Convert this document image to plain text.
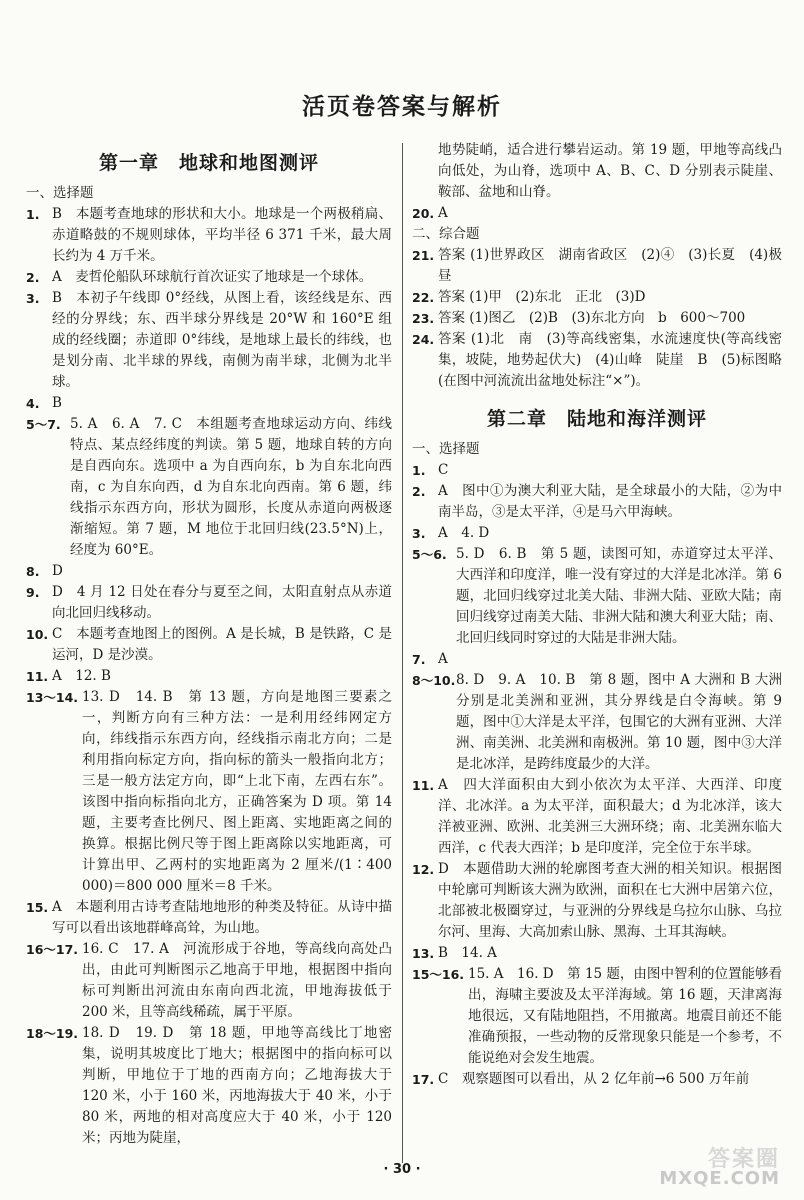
活页卷答案与解析
第一章　地球和地图测评
一、选择题
1. B　本题考查地球的形状和大小。地球是一个两极稍扁、赤道略鼓的不规则球体，平均半径 6 371 千米，最大周长约为 4 万千米。
2. A　麦哲伦船队环球航行首次证实了地球是一个球体。
3. B　本初子午线即 0°经线，从图上看，该经线是东、西经的分界线；东、西半球分界线是 20°W 和 160°E 组成的经线圈；赤道即 0°纬线，是地球上最长的纬线，也是划分南、北半球的界线，南侧为南半球，北侧为北半球。
4. B
5～7. 5. A　6. A　7. C　本组题考查地球运动方向、纬线特点、某点经纬度的判读。第 5 题，地球自转的方向是自西向东。选项中 a 为自西向东，b 为自东北向西南，c 为自东向西，d 为自东北向西南。第 6 题，纬线指示东西方向，形状为圆形，长度从赤道向两极逐渐缩短。第 7 题，M 地位于北回归线(23.5°N)上，经度为 60°E。
8. D
9. D　4 月 12 日处在春分与夏至之间，太阳直射点从赤道向北回归线移动。
10. C　本题考查地图上的图例。A 是长城，B 是铁路，C 是运河，D 是沙漠。
11. A　12. B
13～14. 13. D　14. B　第 13 题，方向是地图三要素之一，判断方向有三种方法：一是利用经纬网定方向，纬线指示东西方向，经线指示南北方向；二是利用指向标定方向，指向标的箭头一般指向北方；三是一般方法定方向，即“上北下南，左西右东”。该图中指向标指向北方，正确答案为 D 项。第 14 题，主要考查比例尺、图上距离、实地距离之间的换算。根据比例尺等于图上距离除以实地距离，可计算出甲、乙两村的实地距离为 2 厘米/(1∶400 000)＝800 000 厘米＝8 千米。
15. A　本题利用古诗考查陆地地形的种类及特征。从诗中描写可以看出该地群峰高耸，为山地。
16～17. 16. C　17. A　河流形成于谷地，等高线向高处凸出，由此可判断图示乙地高于甲地，根据图中指向标可判断出河流由东南向西北流，甲地海拔低于 200 米，且等高线稀疏，属于平原。
18～19. 18. D　19. D　第 18 题，甲地等高线比丁地密集，说明其坡度比丁地大；根据图中的指向标可以判断，甲地位于丁地的西南方向；乙地海拔大于 120 米，小于 160 米，丙地海拔大于 40 米，小于 80 米，两地的相对高度应大于 40 米，小于 120 米；丙地为陡崖，
地势陡峭，适合进行攀岩运动。第 19 题，甲地等高线凸向低处，为山脊，选项中 A、B、C、D 分别表示陡崖、鞍部、盆地和山脊。
20. A
二、综合题
21. 答案 (1)世界政区　湖南省政区　(2)④　(3)长夏　(4)极昼
22. 答案 (1)甲　(2)东北　正北　(3)D
23. 答案 (1)图乙　(2)B　(3)东北方向　b　600～700
24. 答案 (1)北　南　(3)等高线密集，水流速度快(等高线密集，坡陡，地势起伏大)　(4)山峰　陡崖　B　(5)标图略(在图中河流流出盆地处标注“×”)。
第二章　陆地和海洋测评
一、选择题
1. C
2. A　图中①为澳大利亚大陆，是全球最小的大陆，②为中南半岛，③是太平洋，④是马六甲海峡。
3. A　4. D
5～6. 5. D　6. B　第 5 题，读图可知，赤道穿过太平洋、大西洋和印度洋，唯一没有穿过的大洋是北冰洋。第 6 题，北回归线穿过北美大陆、非洲大陆、亚欧大陆；南回归线穿过南美大陆、非洲大陆和澳大利亚大陆；南、北回归线同时穿过的大陆是非洲大陆。
7. A
8～10. 8. D　9. A　10. B　第 8 题，图中 A 大洲和 B 大洲分别是北美洲和亚洲，其分界线是白令海峡。第 9 题，图中①大洋是太平洋，包围它的大洲有亚洲、大洋洲、南美洲、北美洲和南极洲。第 10 题，图中③大洋是北冰洋，是跨纬度最少的大洋。
11. A　四大洋面积由大到小依次为太平洋、大西洋、印度洋、北冰洋。a 为太平洋，面积最大；d 为北冰洋，该大洋被亚洲、欧洲、北美洲三大洲环绕；南、北美洲东临大西洋，c 代表大西洋；b 是印度洋，完全位于东半球。
12. D　本题借助大洲的轮廓图考查大洲的相关知识。根据图中轮廓可判断该大洲为欧洲，面积在七大洲中居第六位，北部被北极圈穿过，与亚洲的分界线是乌拉尔山脉、乌拉尔河、里海、大高加索山脉、黑海、土耳其海峡。
13. B　14. A
15～16. 15. A　16. D　第 15 题，由图中智利的位置能够看出，海啸主要波及太平洋海域。第 16 题，天津离海地很远，又有陆地阻挡，不用撤离。地震目前还不能准确预报，一些动物的反常现象只能是一个参考，不能说绝对会发生地震。
17. C　观察题图可以看出，从 2 亿年前→6 500 万年前
· 30 ·	答案圈
MXQE.COM
